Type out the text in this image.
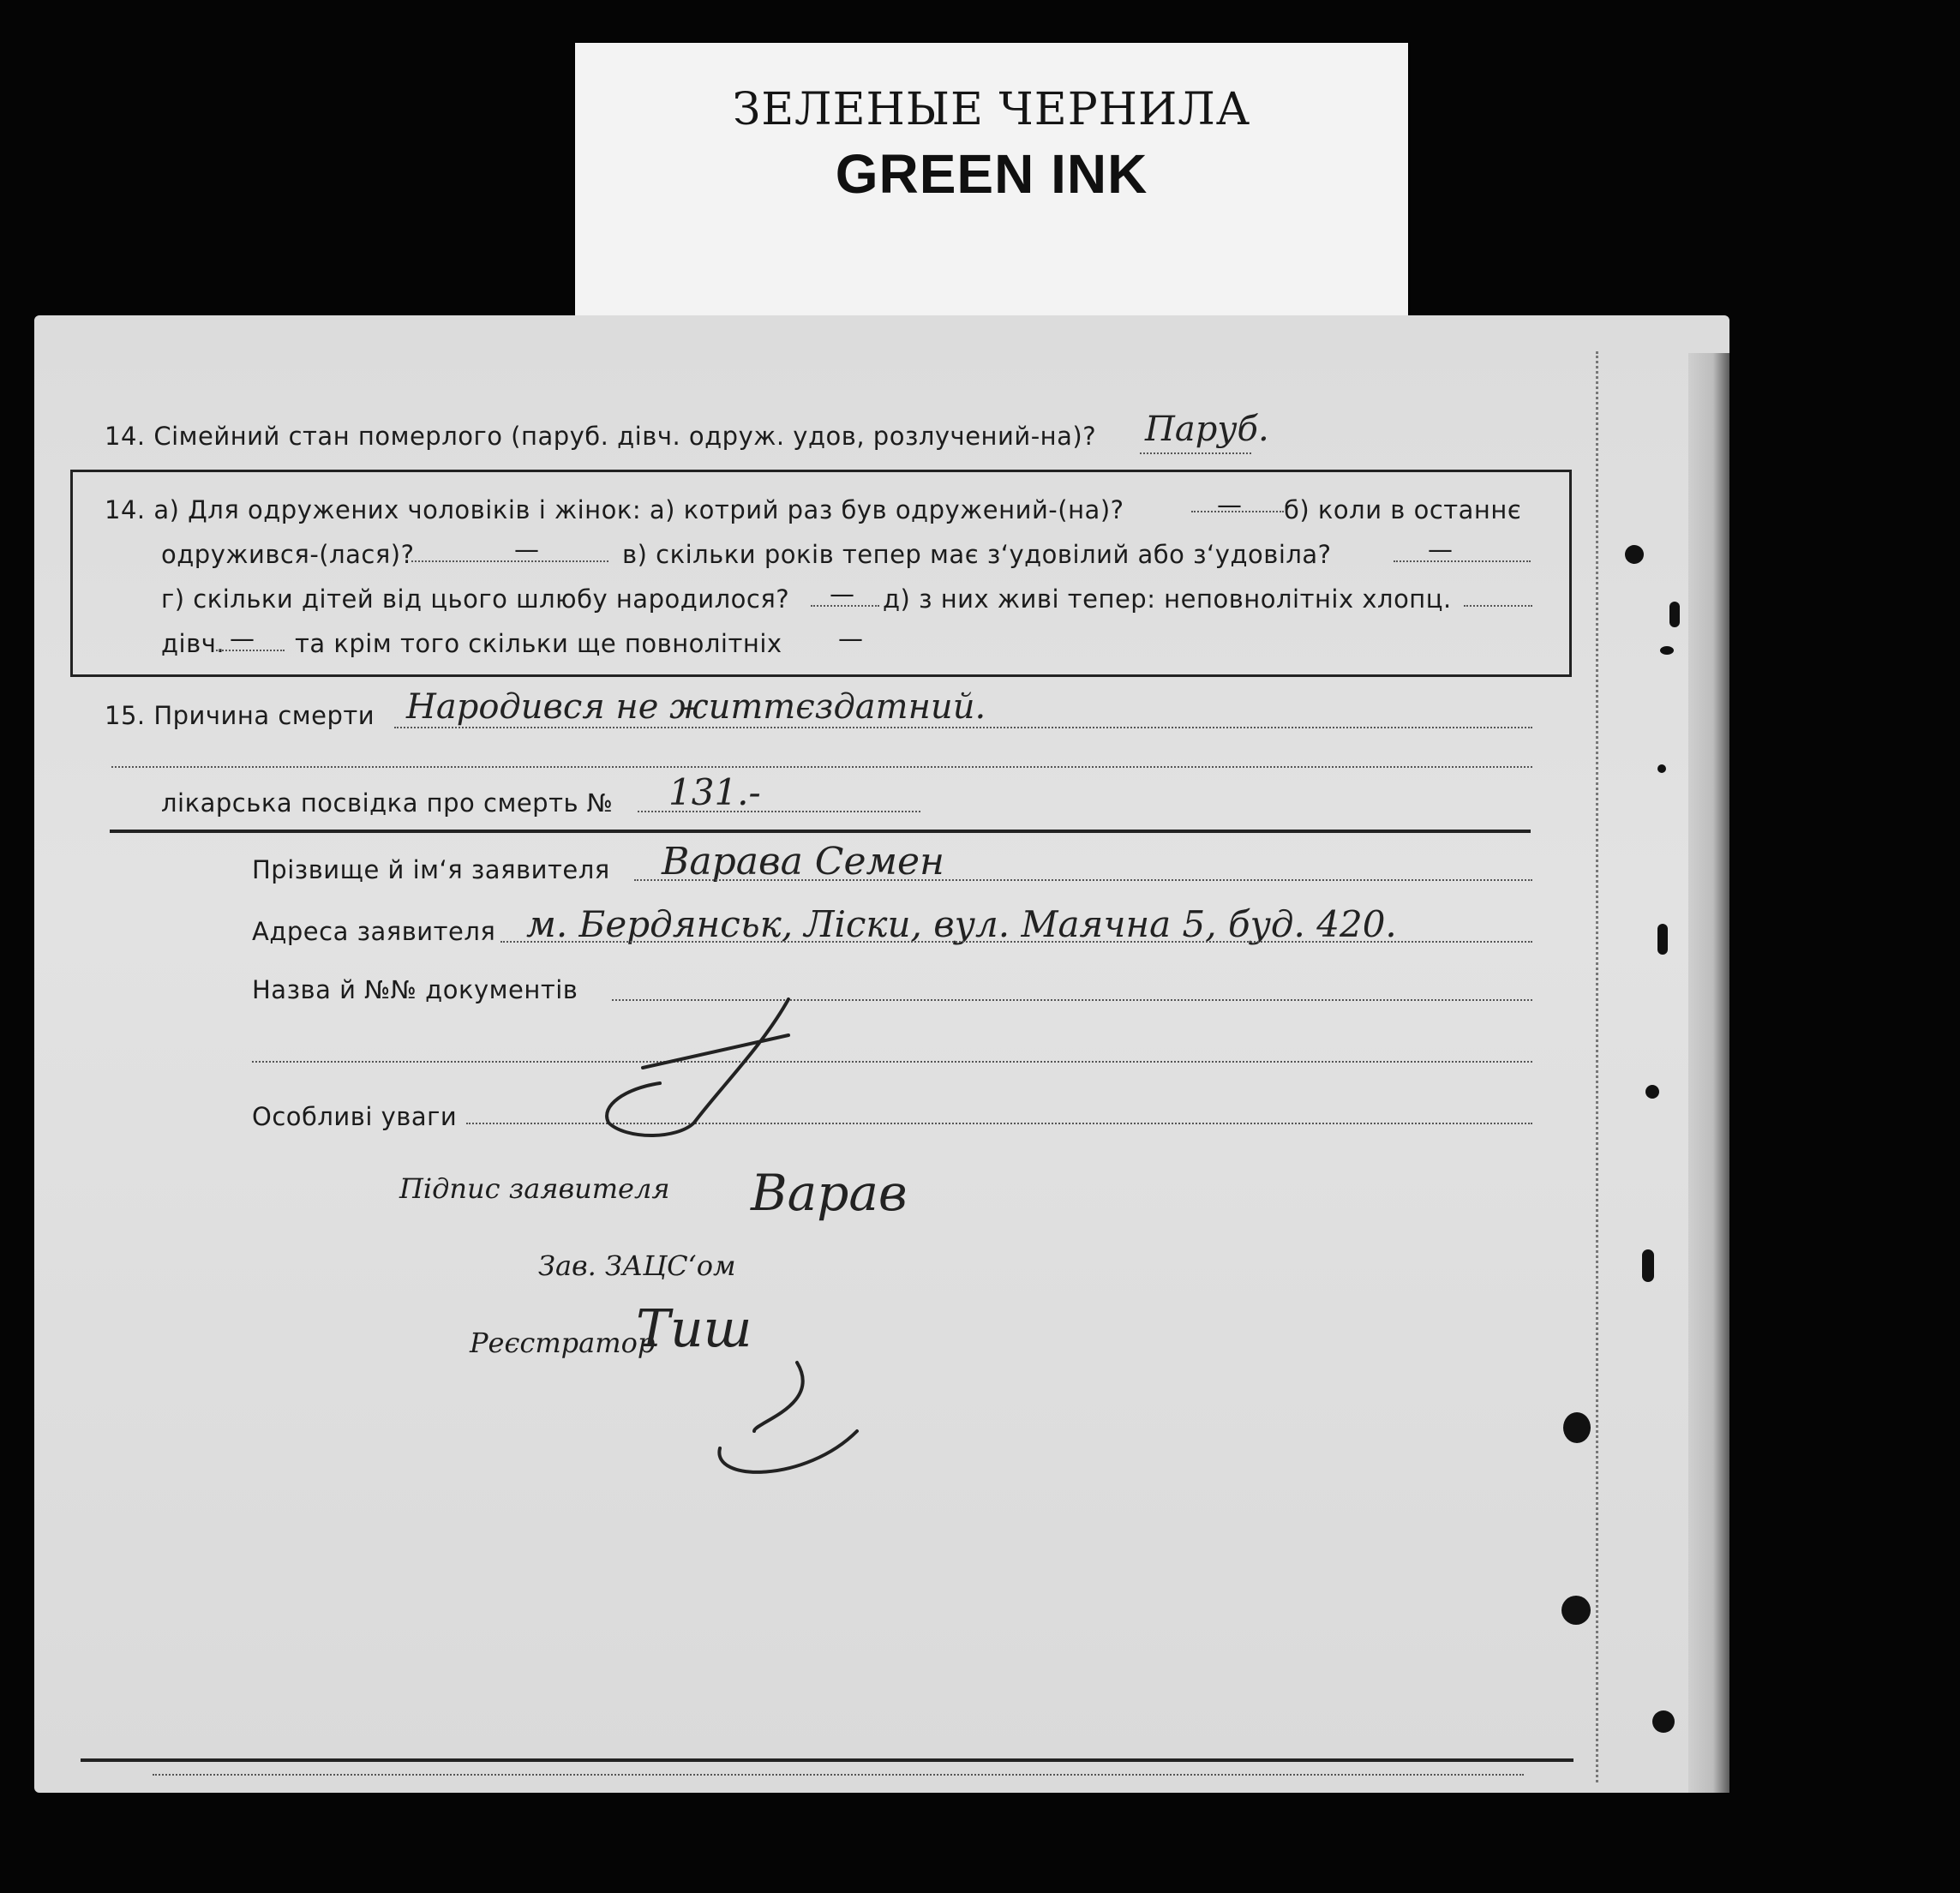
ЗЕЛЕНЫЕ ЧЕРНИЛА
GREEN INK
14. Сімейний стан померлого (паруб. дівч. одруж. удов, розлучений-на)? Паруб.
14. а) Для одружених чоловіків і жінок: а) котрий раз був одружений-(на)?	— б) коли в останнє
одружився-(лася)?	—	в) скільки років тепер має з‘удовілий або з‘удовіла?	—
г) скільки дітей від цього шлюбу народилося? — д) з них живі тепер: неповнолітніх хлопц.
дівч. — та крім того скільки ще повнолітніх —
15. Причина смерти Народився не життєздатний.
лікарська посвідка про смерть № 131.-
Прізвище й ім‘я заявителя Варава Семен
Адреса заявителя м. Бердянськ, Ліски, вул. Маячна 5, буд. 420.
Назва й №№ документів
Особливі уваги
Підпис заявителя Варав
Зав. ЗАЦС‘ом
Реєстратор
Тиш
